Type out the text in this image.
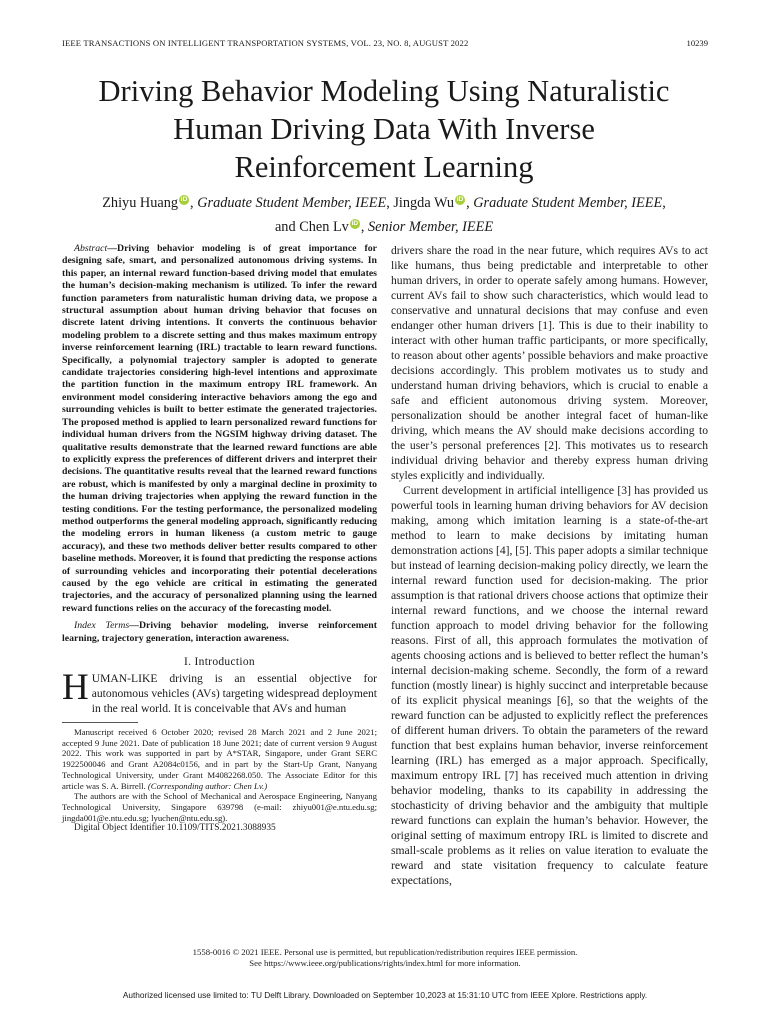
IEEE TRANSACTIONS ON INTELLIGENT TRANSPORTATION SYSTEMS, VOL. 23, NO. 8, AUGUST 2022	10239
Driving Behavior Modeling Using Naturalistic
Human Driving Data With Inverse
Reinforcement Learning
Zhiyu Huang iD , Graduate Student Member, IEEE, Jingda Wu iD , Graduate Student Member, IEEE,
and Chen Lv iD , Senior Member, IEEE

Abstract—Driving behavior modeling is of great importance for designing safe, smart, and personalized autonomous driving systems. In this paper, an internal reward function-based driving model that emulates the human’s decision-making mechanism is utilized. To infer the reward function parameters from naturalistic human driving data, we propose a structural assumption about human driving behavior that focuses on discrete latent driving intentions. It converts the continuous behavior modeling problem to a discrete setting and thus makes maximum entropy inverse reinforcement learning (IRL) tractable to learn reward functions. Specifically, a polynomial trajectory sampler is adopted to generate candidate trajectories considering high-level intentions and approximate the partition function in the maximum entropy IRL framework. An environment model considering interactive behaviors among the ego and surrounding vehicles is built to better estimate the generated trajectories. The proposed method is applied to learn personalized reward functions for individual human drivers from the NGSIM highway driving dataset. The qualitative results demonstrate that the learned reward functions are able to explicitly express the preferences of different drivers and interpret their decisions. The quantitative results reveal that the learned reward functions are robust, which is manifested by only a marginal decline in proximity to the human driving trajectories when applying the reward function in the testing conditions. For the testing performance, the personalized modeling method outperforms the general modeling approach, significantly reducing the modeling errors in human likeness (a custom metric to gauge accuracy), and these two methods deliver better results compared to other baseline methods. Moreover, it is found that predicting the response actions of surrounding vehicles and incorporating their potential decelerations caused by the ego vehicle are critical in estimating the generated trajectories, and the accuracy of personalized planning using the learned reward functions relies on the accuracy of the forecasting model.

Index Terms—Driving behavior modeling, inverse reinforcement learning, trajectory generation, interaction awareness.

I. Introduction

HUMAN-LIKE driving is an essential objective for autonomous vehicles (AVs) targeting widespread deployment in the real world. It is conceivable that AVs and human

Manuscript received 6 October 2020; revised 28 March 2021 and 2 June 2021; accepted 9 June 2021. Date of publication 18 June 2021; date of current version 9 August 2022. This work was supported in part by A*STAR, Singapore, under Grant SERC 1922500046 and Grant A2084c0156, and in part by the Start-Up Grant, Nanyang Technological University, under Grant M4082268.050. The Associate Editor for this article was S. A. Birrell. (Corresponding author: Chen Lv.)

The authors are with the School of Mechanical and Aerospace Engineering, Nanyang Technological University, Singapore 639798 (e-mail: zhiyu001@e.ntu.edu.sg; jingda001@e.ntu.edu.sg; lyuchen@ntu.edu.sg).

Digital Object Identifier 10.1109/TITS.2021.3088935

drivers share the road in the near future, which requires AVs to act like humans, thus being predictable and interpretable to other human drivers, in order to operate safely among humans. However, current AVs fail to show such characteristics, which would lead to conservative and unnatural decisions that may confuse and even endanger other human drivers [1]. This is due to their inability to interact with other human traffic participants, or more specifically, to reason about other agents’ possible behaviors and make proactive decisions accordingly. This problem motivates us to study and understand human driving behaviors, which is crucial to enable a safe and efficient autonomous driving system. Moreover, personalization should be another integral facet of human-like driving, which means the AV should make decisions according to the user’s personal preferences [2]. This motivates us to research individual driving behavior and thereby express human driving styles explicitly and individually.

Current development in artificial intelligence [3] has provided us powerful tools in learning human driving behaviors for AV decision making, among which imitation learning is a state-of-the-art method to learn to make decisions by imitating human demonstration actions [4], [5]. This paper adopts a similar technique but instead of learning decision-making policy directly, we learn the internal reward function used for decision-making. The prior assumption is that rational drivers choose actions that optimize their internal reward functions, and we choose the internal reward function approach to model driving behavior for the following reasons. First of all, this approach formulates the motivation of agents choosing actions and is believed to better reflect the human’s internal decision-making scheme. Secondly, the form of a reward function (mostly linear) is highly succinct and interpretable because of its explicit physical meanings [6], so that the weights of the reward function can be adjusted to explicitly reflect the preferences of different human drivers. To obtain the parameters of the reward function that best explains human behavior, inverse reinforcement learning (IRL) has emerged as a major approach. Specifically, maximum entropy IRL [7] has received much attention in driving behavior modeling, thanks to its capability in addressing the stochasticity of driving behavior and the ambiguity that multiple reward functions can explain the human’s behavior. However, the original setting of maximum entropy IRL is limited to discrete and small-scale problems as it relies on value iteration to evaluate the reward and state visitation frequency to calculate feature expectations,

1558-0016 © 2021 IEEE. Personal use is permitted, but republication/redistribution requires IEEE permission.
See https://www.ieee.org/publications/rights/index.html for more information.
Authorized licensed use limited to: TU Delft Library. Downloaded on September 10,2023 at 15:31:10 UTC from IEEE Xplore. Restrictions apply.
